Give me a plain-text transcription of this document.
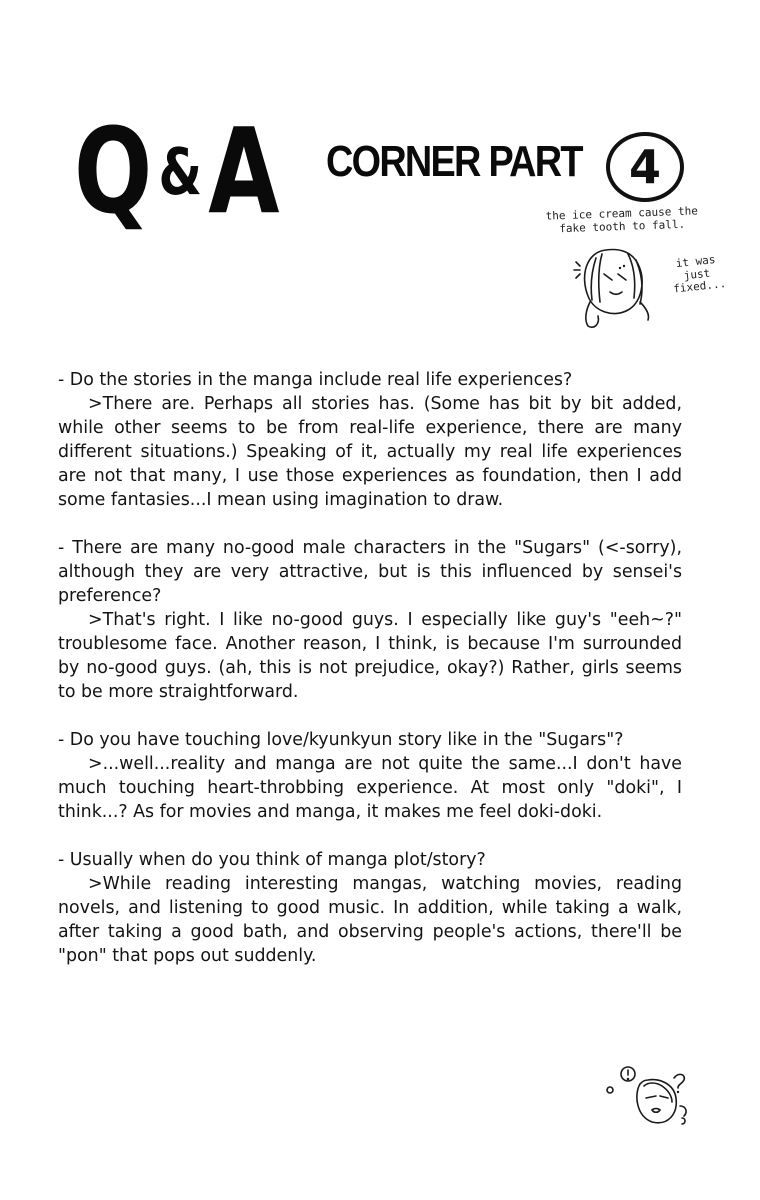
Q&A CORNER PART	4
the ice cream cause the fake tooth to fall.
it was just fixed...

- Do the stories in the manga include real life experiences?

>There are. Perhaps all stories has. (Some has bit by bit added, while other seems to be from real-life experience, there are many different situations.) Speaking of it, actually my real life experiences are not that many, I use those experiences as foundation, then I add some fantasies...I mean using imagination to draw.

- There are many no-good male characters in the "Sugars" (<-sorry), although they are very attractive, but is this influenced by sensei's preference?

>That's right. I like no-good guys. I especially like guy's "eeh~?" troublesome face. Another reason, I think, is because I'm surrounded by no-good guys. (ah, this is not prejudice, okay?) Rather, girls seems to be more straightforward.

- Do you have touching love/kyunkyun story like in the "Sugars"?

>...well...reality and manga are not quite the same...I don't have much touching heart-throbbing experience. At most only "doki", I think...? As for movies and manga, it makes me feel doki-doki.

- Usually when do you think of manga plot/story?

>While reading interesting mangas, watching movies, reading novels, and listening to good music. In addition, while taking a walk, after taking a good bath, and observing people's actions, there'll be "pon" that pops out suddenly.
